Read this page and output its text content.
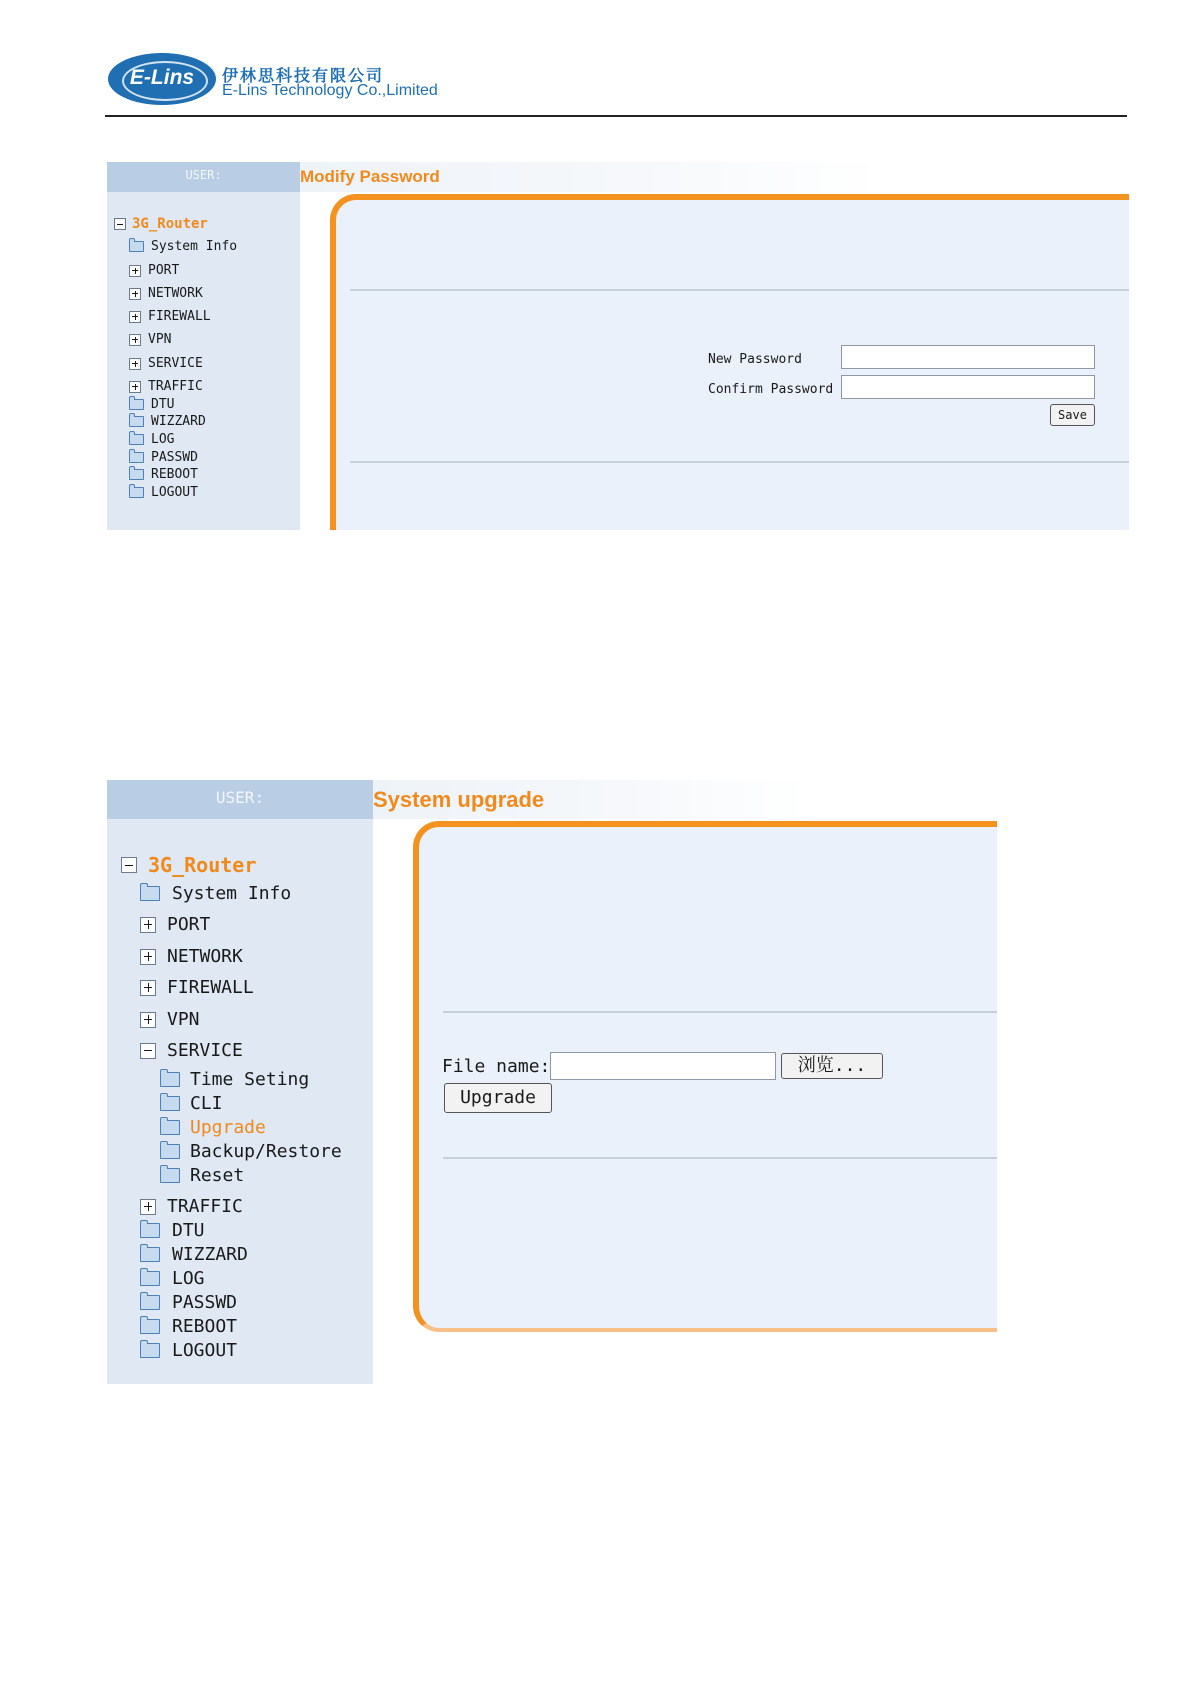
E-Lins	伊林思科技有限公司
E-Lins Technology Co.,Limited
USER:	Modify Password
3G_Router
System Info
PORT
NETWORK
FIREWALL
VPN
SERVICE
TRAFFIC
DTU
WIZZARD
LOG
PASSWD
REBOOT
LOGOUT
New Password
Confirm Password
Save
USER:	System upgrade
3G_Router
System Info
PORT
NETWORK
FIREWALL
VPN
SERVICE
Time Seting
CLI
Upgrade
Backup/Restore
Reset
TRAFFIC
DTU
WIZZARD
LOG
PASSWD
REBOOT
LOGOUT
File name:	浏览...
Upgrade
